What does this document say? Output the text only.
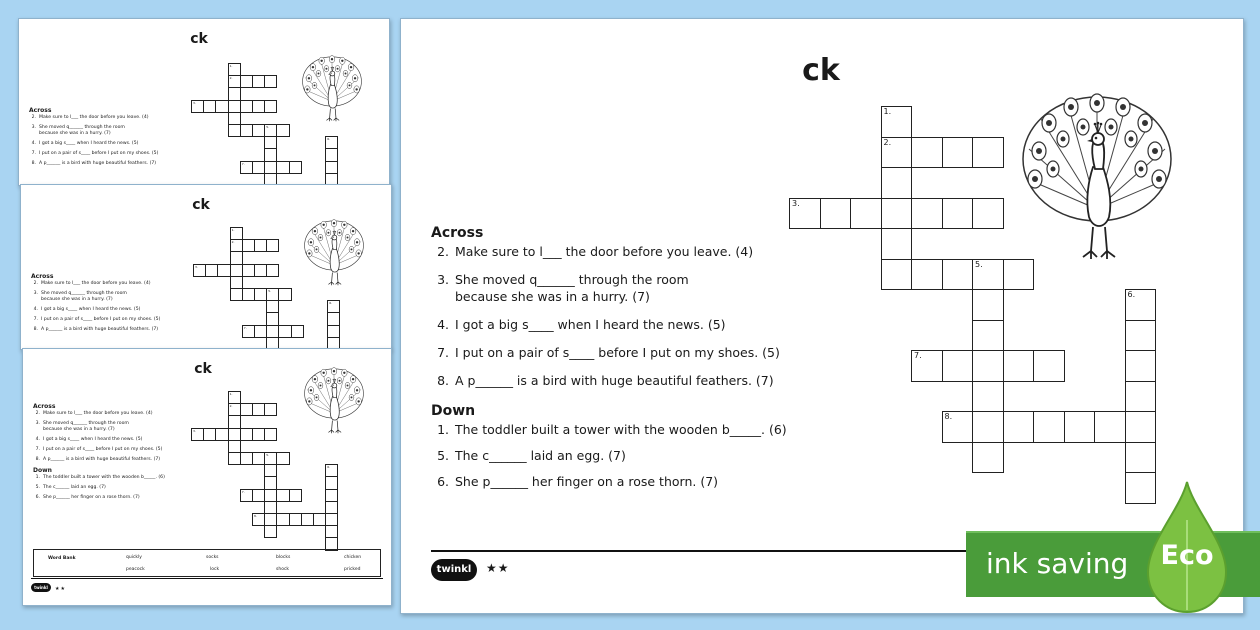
ck
1.
2.
3.
5.
6.
7.
Across
2. Make sure to l___ the door before you leave. (4)
3. She moved q______ through the room
because she was in a hurry. (7)
4. I got a big s____ when I heard the news. (5)
7. I put on a pair of s____ before I put on my shoes. (5)
8. A p______ is a bird with huge beautiful feathers. (7)
ck
1.
2.
3.
5.
6.
7.
Across
2. Make sure to l___ the door before you leave. (4)
3. She moved q______ through the room
because she was in a hurry. (7)
4. I got a big s____ when I heard the news. (5)
7. I put on a pair of s____ before I put on my shoes. (5)
8. A p______ is a bird with huge beautiful feathers. (7)
ck
1.
2.
3.
5.
6.
7.
8.
Across
2. Make sure to l___ the door before you leave. (4)
3. She moved q______ through the room
because she was in a hurry. (7)
4. I got a big s____ when I heard the news. (5)
7. I put on a pair of s____ before I put on my shoes. (5)
8. A p______ is a bird with huge beautiful feathers. (7)
Down
1. The toddler built a tower with the wooden b_____. (6)
5. The c______ laid an egg. (7)
6. She p______ her finger on a rose thorn. (7)
Word Bank	quickly	socks	blocks	chicken
peacock	lock	shock	pricked
twinkl	★★
ck
1.
2.
3.
5.
6.
7.
8.
Across
2. Make sure to l___ the door before you leave. (4)
3. She moved q______ through the room
because she was in a hurry. (7)
4. I got a big s____ when I heard the news. (5)
7. I put on a pair of s____ before I put on my shoes. (5)
8. A p______ is a bird with huge beautiful feathers. (7)
Down
1. The toddler built a tower with the wooden b_____. (6)
5. The c______ laid an egg. (7)
6. She p______ her finger on a rose thorn. (7)
twinkl	★★	ink saving	Eco
